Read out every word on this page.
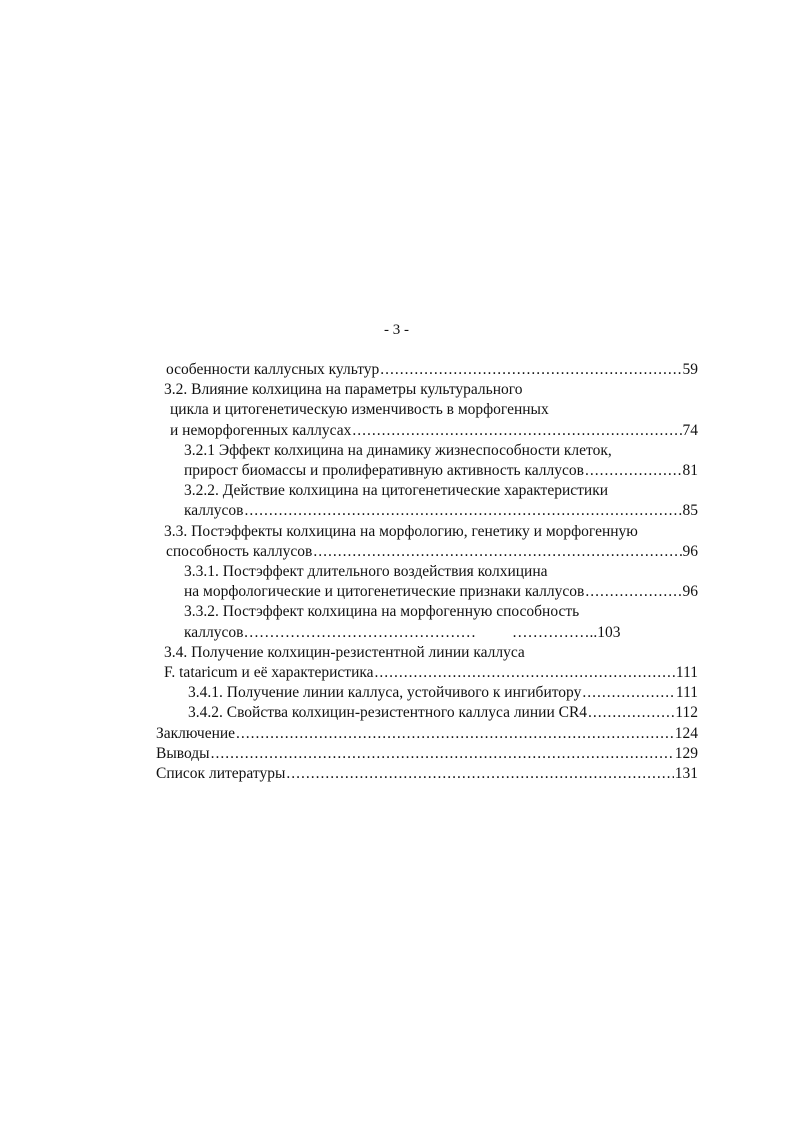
- 3 -
особенности каллусных культур .....	59
3.2. Влияние колхицина на параметры культурального
цикла и цитогенетическую изменчивость в морфогенных
и неморфогенных каллусах .....	74
3.2.1 Эффект колхицина на динамику жизнеспособности клеток,
прирост биомассы и пролиферативную активность каллусов .....	81
3.2.2. Действие колхицина на цитогенетические характеристики
каллусов .....	85
3.3. Постэффекты колхицина на морфологию, генетику и морфогенную
способность каллусов .....	96
3.3.1. Постэффект длительного воздействия колхицина
на морфологические и цитогенетические признаки каллусов .....	96
3.3.2. Постэффект колхицина на морфогенную способность
каллусов……………………………………… ……………..103
3.4. Получение колхицин-резистентной линии каллуса
F. tataricum и её характеристика .....	111
3.4.1. Получение линии каллуса, устойчивого к ингибитору .....	111
3.4.2. Свойства колхицин-резистентного каллуса линии CR4 .....	112
Заключение .....	124
Выводы .....	129
Список литературы .....	131
